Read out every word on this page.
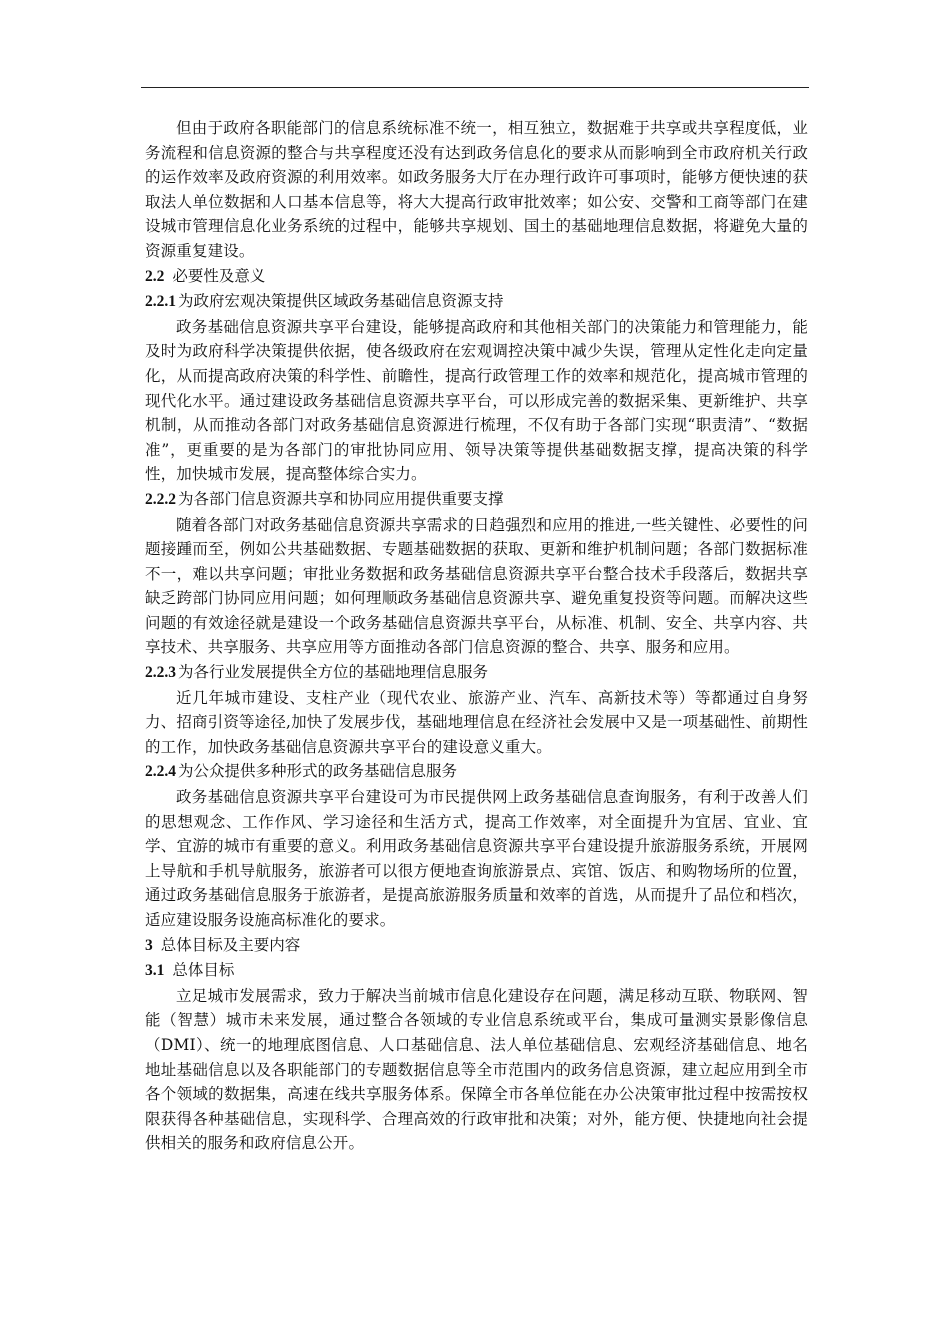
但由于政府各职能部门的信息系统标准不统一，相互独立，数据难于共享或共享程度低，业务流程和信息资源的整合与共享程度还没有达到政务信息化的要求从而影响到全市政府机关行政的运作效率及政府资源的利用效率。如政务服务大厅在办理行政许可事项时，能够方便快速的获取法人单位数据和人口基本信息等，将大大提高行政审批效率；如公安、交警和工商等部门在建设城市管理信息化业务系统的过程中，能够共享规划、国土的基础地理信息数据，将避免大量的资源重复建设。

2.2 必要性及意义

2.2.1 为政府宏观决策提供区域政务基础信息资源支持

政务基础信息资源共享平台建设，能够提高政府和其他相关部门的决策能力和管理能力，能及时为政府科学决策提供依据，使各级政府在宏观调控决策中减少失误，管理从定性化走向定量化，从而提高政府决策的科学性、前瞻性，提高行政管理工作的效率和规范化，提高城市管理的现代化水平。通过建设政务基础信息资源共享平台，可以形成完善的数据采集、更新维护、共享机制，从而推动各部门对政务基础信息资源进行梳理，不仅有助于各部门实现“职责清”、“数据准”，更重要的是为各部门的审批协同应用、领导决策等提供基础数据支撑，提高决策的科学性，加快城市发展，提高整体综合实力。

2.2.2 为各部门信息资源共享和协同应用提供重要支撑

随着各部门对政务基础信息资源共享需求的日趋强烈和应用的推进,一些关键性、必要性的问题接踵而至，例如公共基础数据、专题基础数据的获取、更新和维护机制问题；各部门数据标准不一，难以共享问题；审批业务数据和政务基础信息资源共享平台整合技术手段落后，数据共享缺乏跨部门协同应用问题；如何理顺政务基础信息资源共享、避免重复投资等问题。而解决这些问题的有效途径就是建设一个政务基础信息资源共享平台，从标准、机制、安全、共享内容、共享技术、共享服务、共享应用等方面推动各部门信息资源的整合、共享、服务和应用。

2.2.3 为各行业发展提供全方位的基础地理信息服务

近几年城市建设、支柱产业（现代农业、旅游产业、汽车、高新技术等）等都通过自身努力、招商引资等途径,加快了发展步伐，基础地理信息在经济社会发展中又是一项基础性、前期性的工作，加快政务基础信息资源共享平台的建设意义重大。

2.2.4 为公众提供多种形式的政务基础信息服务

政务基础信息资源共享平台建设可为市民提供网上政务基础信息查询服务，有利于改善人们的思想观念、工作作风、学习途径和生活方式，提高工作效率，对全面提升为宜居、宜业、宜学、宜游的城市有重要的意义。利用政务基础信息资源共享平台建设提升旅游服务系统，开展网上导航和手机导航服务，旅游者可以很方便地查询旅游景点、宾馆、饭店、和购物场所的位置，通过政务基础信息服务于旅游者，是提高旅游服务质量和效率的首选，从而提升了品位和档次，适应建设服务设施高标准化的要求。

3 总体目标及主要内容

3.1 总体目标

立足城市发展需求，致力于解决当前城市信息化建设存在问题，满足移动互联、物联网、智能（智慧）城市未来发展，通过整合各领域的专业信息系统或平台，集成可量测实景影像信息（DMI）、统一的地理底图信息、人口基础信息、法人单位基础信息、宏观经济基础信息、地名地址基础信息以及各职能部门的专题数据信息等全市范围内的政务信息资源，建立起应用到全市各个领域的数据集，高速在线共享服务体系。保障全市各单位能在办公决策审批过程中按需按权限获得各种基础信息，实现科学、合理高效的行政审批和决策；对外，能方便、快捷地向社会提供相关的服务和政府信息公开。
